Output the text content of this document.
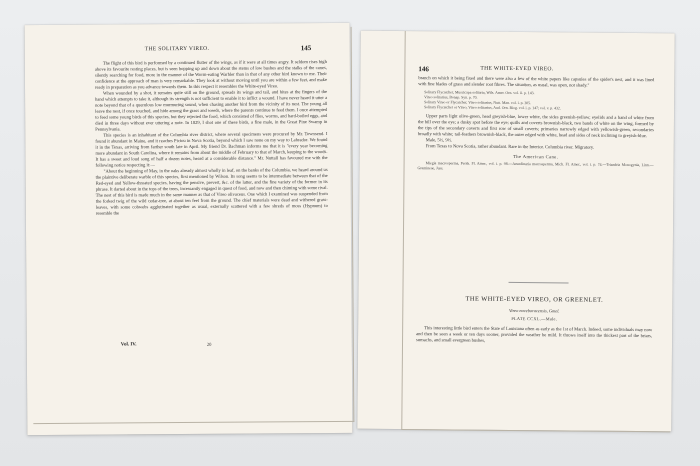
THE SOLITARY VIREO.	145

The flight of this bird is performed by a continued flutter of the wings, as if it were at all times angry. It seldom rises high above its favourite resting places, but is seen hopping up and down about the stems of low bushes and the stalks of the canes, silently searching for food, more in the manner of the Worm-eating Warbler than in that of any other bird known to me. Their confidence at the approach of man is very remarkable. They look at without moving until you are within a few feet, and make ready in preparation as you advance towards them. In this respect it resembles the White-eyed Vireo.

When wounded by a shot, it remains quite still on the ground, spreads its wings and tail, and bites at the fingers of the hand which attempts to take it, although its strength is not sufficient to enable it to inflict a wound. I have never heard it utter a note beyond that of a querulous low murmuring sound, when chasing another bird from the vicinity of its nest. The young all leave the nest, if once touched, and hide among the grass and weeds, where the parents continue to feed them. I once attempted to feed some young birds of this species, but they rejected the food, which consisted of flies, worms, and hard-boiled eggs, and died in three days without ever uttering a note. In 1829, I shot one of these birds, a fine male, in the Great Pine Swamp in Pennsylvania.

This species is an inhabitant of the Columbia river district, where several specimens were procured by Mr. Townsend. I found it abundant in Maine, and it reaches Pictou in Nova Scotia, beyond which I saw none on my way to Labrador. We found it in the Texas, arriving from farther south late in April. My friend Dr. Bachman informs me that it is "every year becoming more abundant in South Carolina, where it remains from about the middle of February to that of March, keeping to the woods. It has a sweet and loud song of half a dozen notes, heard at a considerable distance." Mr. Nuttall has favoured me with the following notice respecting it:—

"About the beginning of May, in the oaks already almost wholly in leaf, on the banks of the Columbia, we heard around us the plaintive deliberate warble of this species, first mentioned by Wilson. Its song seems to be intermediate between that of the Red-eyed and Yellow-throated species, having the pensive, prevert, &c. of the latter, and the fine variety of the former in its phrase. It darted about in the tops of the trees, incessantly engaged in quest of food, and now and then chiming with some rival. The nest of this bird is made much in the same manner as that of Vireo olivaceus. One which I examined was suspended from the forked twig of the wild cedar-tree, at about ten feet from the ground. The chief materials were dead and withered grass-leaves, with some cobwebs agglutinated together as usual, externally scattered with a few shreds of moss (Hypnum) to resemble the

Vol. IV.	20
146	THE WHITE-EYED VIREO.

branch on which it being fixed and there were also a few of the white papers like capsules of the spider's nest, and it was lined with fine blades of grass and slender root fibres. The situation, as usual, was open, not shady."

Solitary Flycatcher, Muscicapa solitaria, Wils. Amer. Orn. vol. ii. p. 143.
Vireo solitarius, Bonap. Syn. p. 70.
Solitary Vireo or Flycatcher, Vireo solitarius, Nutt. Man. vol. i. p. 305.
Solitary Flycatcher or Vireo, Vireo solitarius, Aud. Orn. Biog. vol. i. p. 147; vol. v. p. 432.

Upper parts light olive-green, head greyish-blue, lower white, the sides greenish-yellow; eyelids and a band of white from the bill over the eye; a dusky spot before the eye; quills and coverts brownish-black, two bands of white on the wing, formed by the tips of the secondary coverts and first row of small coverts; primaries narrowly edged with yellowish-green, secondaries broadly with white; tail-feathers brownish-black, the outer edged with white, head and sides of neck inclining to greyish-blue.

Male, 5½, 9½.

From Texas to Nova Scotia, rather abundant. Rare in the Interior. Columbia river. Migratory.

The American Cane.

Miegia macrosperma, Persh. Fl. Amer., vol. i. p. 98.—Arundinaria macrosperma, Mich. Fl. Amer., vol. i. p. 74.—Triandria Monogynia, Linn.—Gramineae, Juss.

THE WHITE-EYED VIREO, OR GREENLET.
Vireo noveboracensis, Gmel.
PLATE CCXL.—Male.

This interesting little bird enters the State of Louisiana often as early as the 1st of March. Indeed, some individuals may now and then be seen a week or ten days sooner, provided the weather be mild. It throws itself into the thickest part of the briars, sumachs, and small evergreen bushes,
